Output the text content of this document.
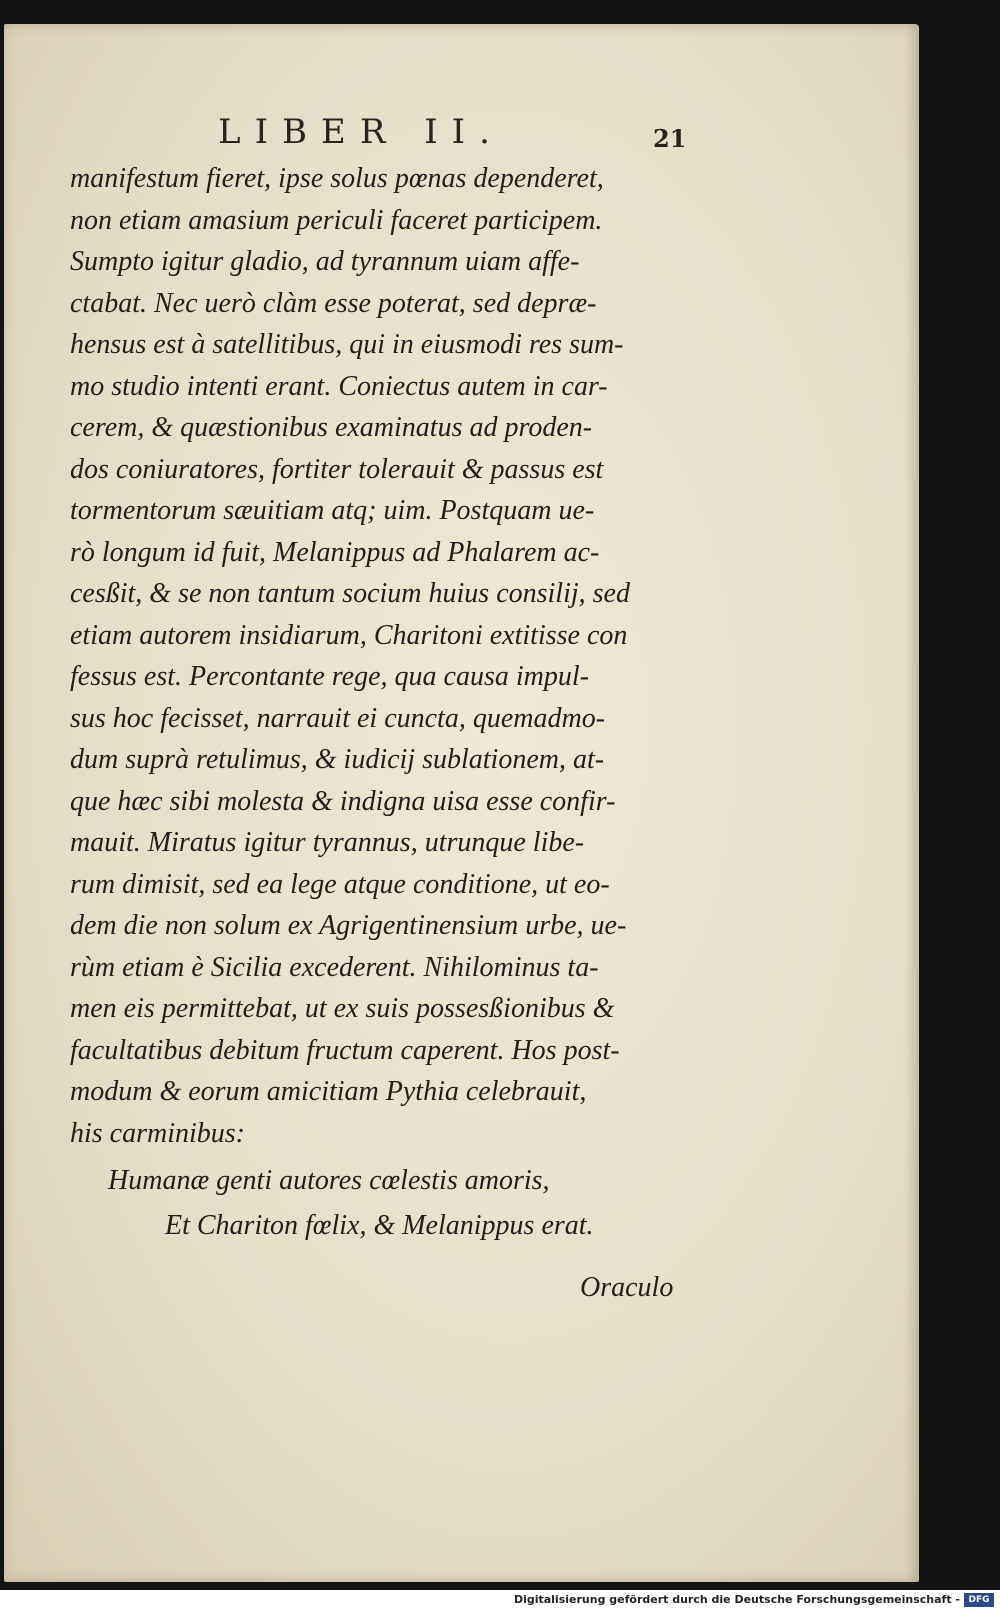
LIBER II.	21
manifestum fieret, ipse solus pœnas dependeret,
non etiam amasium periculi faceret participem.
Sumpto igitur gladio, ad tyrannum uiam affe-
ctabat. Nec uerò clàm esse poterat, sed depræ-
hensus est à satellitibus, qui in eiusmodi res sum-
mo studio intenti erant. Coniectus autem in car-
cerem, & quæstionibus examinatus ad proden-
dos coniuratores, fortiter tolerauit & passus est
tormentorum sæuitiam atq; uim. Postquam ue-
rò longum id fuit, Melanippus ad Phalarem ac-
cesßit, & se non tantum socium huius consilij, sed
etiam autorem insidiarum, Charitoni extitisse con
fessus est. Percontante rege, qua causa impul-
sus hoc fecisset, narrauit ei cuncta, quemadmo-
dum suprà retulimus, & iudicij sublationem, at-
que hæc sibi molesta & indigna uisa esse confir-
mauit. Miratus igitur tyrannus, utrunque libe-
rum dimisit, sed ea lege atque conditione, ut eo-
dem die non solum ex Agrigentinensium urbe, ue-
rùm etiam è Sicilia excederent. Nihilominus ta-
men eis permittebat, ut ex suis possesßionibus &
facultatibus debitum fructum caperent. Hos post-
modum & eorum amicitiam Pythia celebrauit,
his carminibus:
Humanæ genti autores cœlestis amoris,
Et Chariton fœlix, & Melanippus erat.
Oraculo
Digitalisierung gefördert durch die Deutsche Forschungsgemeinschaft - DFG
